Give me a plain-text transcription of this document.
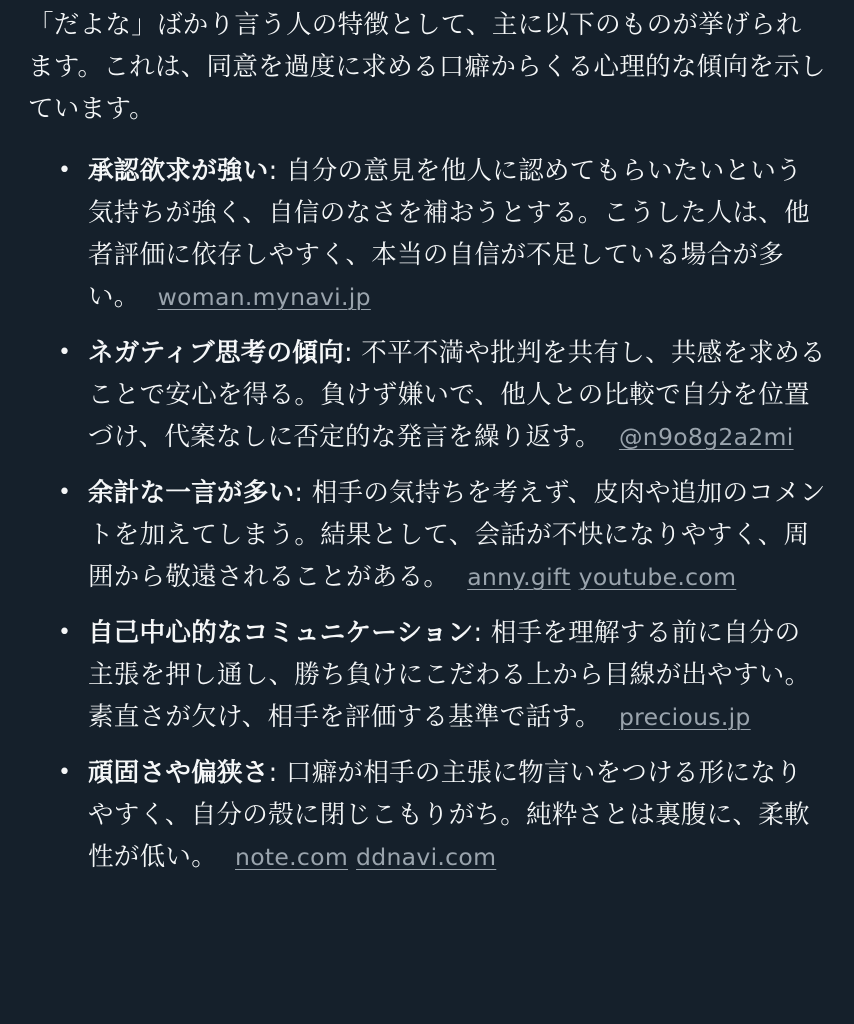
「だよな」ばかり言う人の特徴として、主に以下のものが挙げられます。これは、同意を過度に求める口癖からくる心理的な傾向を示しています。

• 承認欲求が強い: 自分の意見を他人に認めてもらいたいという気持ちが強く、自信のなさを補おうとする。こうした人は、他者評価に依存しやすく、本当の自信が不足している場合が多い。 woman.mynavi.jp
• ネガティブ思考の傾向: 不平不満や批判を共有し、共感を求めることで安心を得る。負けず嫌いで、他人との比較で自分を位置づけ、代案なしに否定的な発言を繰り返す。 @n9o8g2a2mi
• 余計な一言が多い: 相手の気持ちを考えず、皮肉や追加のコメントを加えてしまう。結果として、会話が不快になりやすく、周囲から敬遠されることがある。 anny.gift youtube.com
• 自己中心的なコミュニケーション: 相手を理解する前に自分の主張を押し通し、勝ち負けにこだわる上から目線が出やすい。素直さが欠け、相手を評価する基準で話す。 precious.jp
• 頑固さや偏狭さ: 口癖が相手の主張に物言いをつける形になりやすく、自分の殻に閉じこもりがち。純粋さとは裏腹に、柔軟性が低い。 note.com ddnavi.com
